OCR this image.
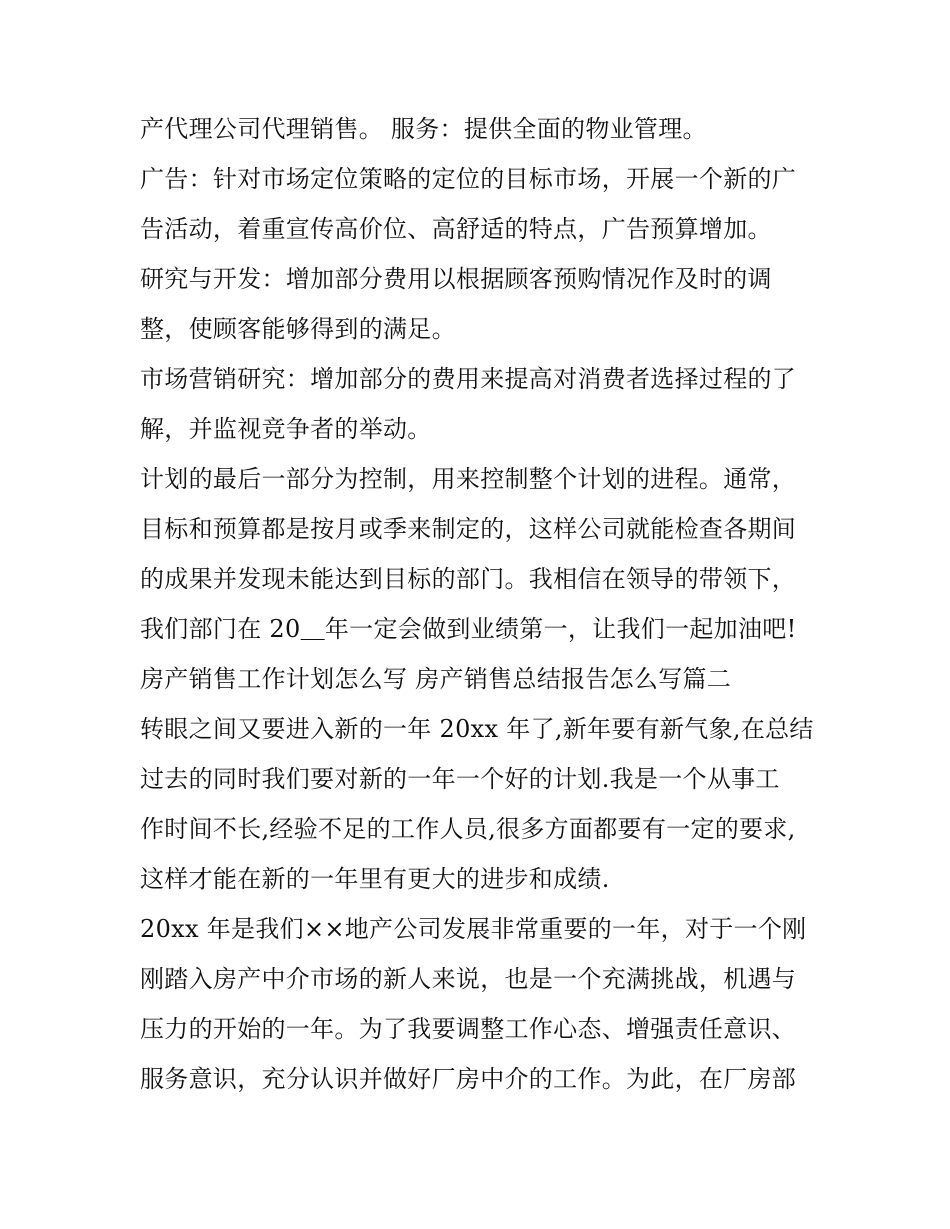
产代理公司代理销售。 服务：提供全面的物业管理。
广告：针对市场定位策略的定位的目标市场，开展一个新的广
告活动，着重宣传高价位、高舒适的特点，广告预算增加。
研究与开发：增加部分费用以根据顾客预购情况作及时的调
整，使顾客能够得到的满足。
市场营销研究：增加部分的费用来提高对消费者选择过程的了
解，并监视竞争者的举动。
计划的最后一部分为控制，用来控制整个计划的进程。通常，
目标和预算都是按月或季来制定的，这样公司就能检查各期间
的成果并发现未能达到目标的部门。我相信在领导的带领下，
我们部门在 20＿年一定会做到业绩第一，让我们一起加油吧!
房产销售工作计划怎么写 房产销售总结报告怎么写篇二
转眼之间又要进入新的一年 20xx 年了,新年要有新气象,在总结
过去的同时我们要对新的一年一个好的计划.我是一个从事工
作时间不长,经验不足的工作人员,很多方面都要有一定的要求,
这样才能在新的一年里有更大的进步和成绩.
20xx 年是我们××地产公司发展非常重要的一年，对于一个刚
刚踏入房产中介市场的新人来说，也是一个充满挑战，机遇与
压力的开始的一年。为了我要调整工作心态、增强责任意识、
服务意识，充分认识并做好厂房中介的工作。为此，在厂房部
